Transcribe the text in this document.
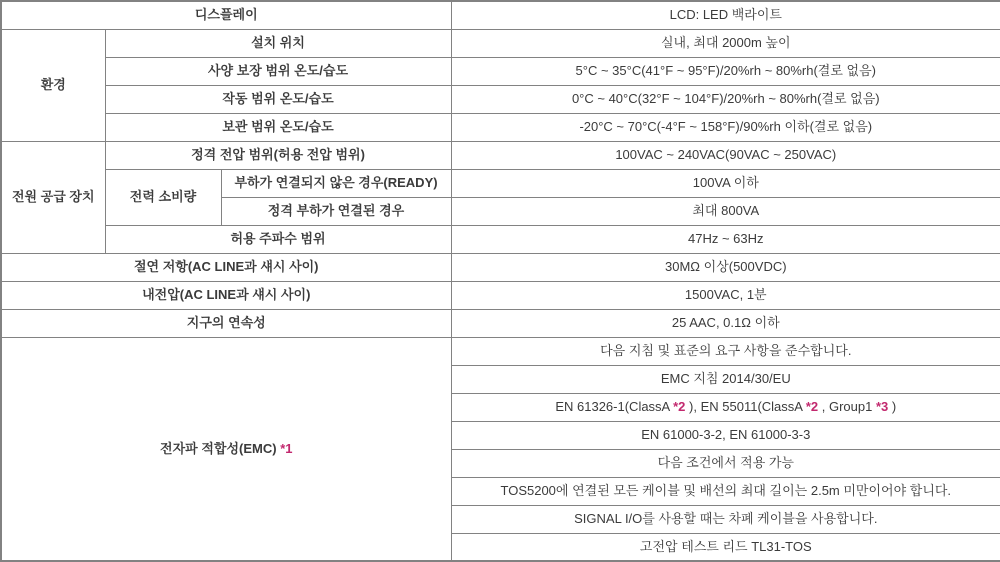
디스플레이			LCD: LED 백라이트
환경	설치 위치		실내, 최대 2000m 높이
	사양 보장 범위 온도/습도		5°C ~ 35°C(41°F ~ 95°F)/20%rh ~ 80%rh(결로 없음)
	작동 범위 온도/습도		0°C ~ 40°C(32°F ~ 104°F)/20%rh ~ 80%rh(결로 없음)
	보관 범위 온도/습도		-20°C ~ 70°C(-4°F ~ 158°F)/90%rh 이하(결로 없음)
전원 공급 장치	정격 전압 범위(허용 전압 범위)		100VAC ~ 240VAC(90VAC ~ 250VAC)
	전력 소비량	부하가 연결되지 않은 경우(READY)	100VA 이하
		정격 부하가 연결된 경우	최대 800VA
	허용 주파수 범위		47Hz ~ 63Hz
절연 저항(AC LINE과 섀시 사이)			30MΩ 이상(500VDC)
내전압(AC LINE과 섀시 사이)			1500VAC, 1분
지구의 연속성			25 AAC, 0.1Ω 이하
전자파 적합성(EMC) *1			다음 지침 및 표준의 요구 사항을 준수합니다.
			EMC 지침 2014/30/EU
			EN 61326-1(ClassA *2 ), EN 55011(ClassA *2 , Group1 *3 )
			EN 61000-3-2, EN 61000-3-3
			다음 조건에서 적용 가능
			TOS5200에 연결된 모든 케이블 및 배선의 최대 길이는 2.5m 미만이어야 합니다.
			SIGNAL I/O를 사용할 때는 차폐 케이블을 사용합니다.
			고전압 테스트 리드 TL31-TOS
